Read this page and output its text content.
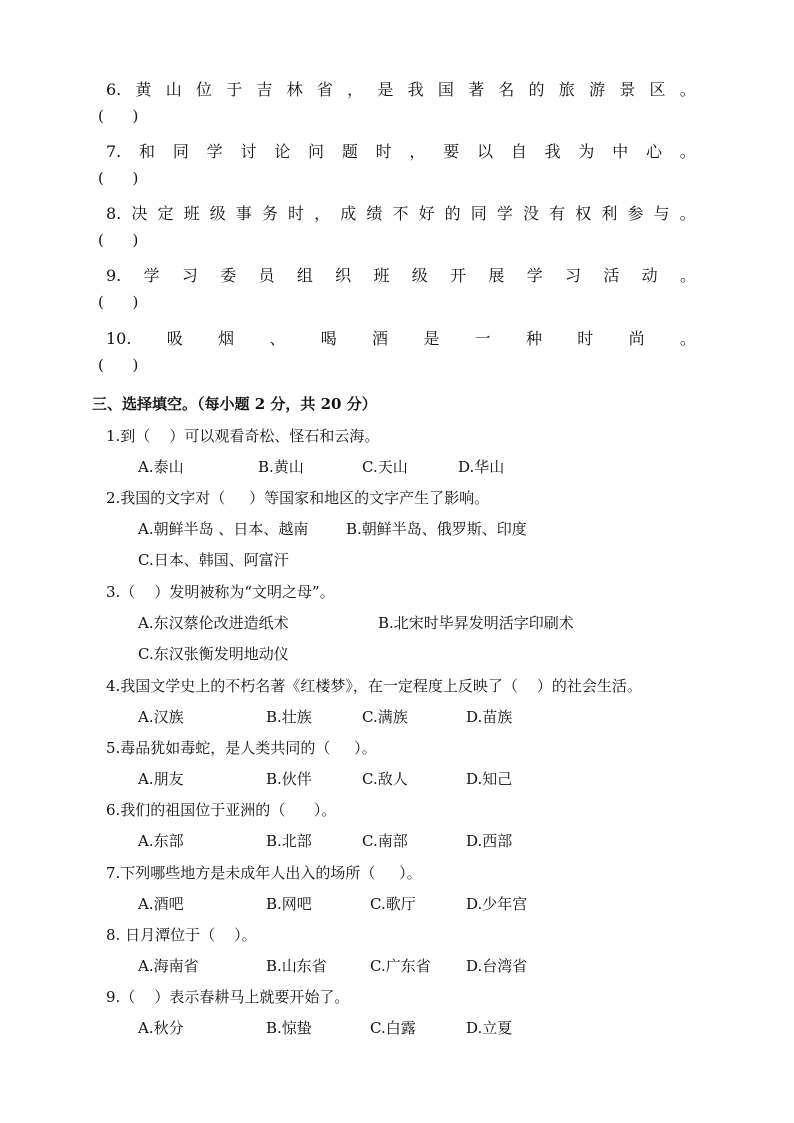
6. 黄 山 位 于 吉 林 省 ， 是 我 国 著 名 的 旅 游 景 区 。
(      )
7. 和 同 学 讨 论 问 题 时 ， 要 以 自 我 为 中 心 。
(      )
8. 决 定 班 级 事 务 时 ， 成 绩 不 好 的 同 学 没 有 权 利 参 与 。
(      )
9. 学 习 委 员 组 织 班 级 开 展 学 习 活 动 。
(      )
10. 吸 烟 、 喝 酒 是 一 种 时 尚 。
(      )
三、选择填空。（每小题 2 分，共 20 分）
1.到（    ）可以观看奇松、怪石和云海。
A.泰山	B.黄山	C.天山	D.华山
2.我国的文字对（     ）等国家和地区的文字产生了影响。
A.朝鲜半岛 、日本、越南	B.朝鲜半岛、俄罗斯、印度
C.日本、韩国、阿富汗
3.（    ）发明被称为“文明之母”。
A.东汉蔡伦改进造纸术	B.北宋时毕昇发明活字印刷术
C.东汉张衡发明地动仪
4.我国文学史上的不朽名著《红楼梦》，在一定程度上反映了（    ）的社会生活。
A.汉族	B.壮族	C.满族	D.苗族
5.毒品犹如毒蛇，是人类共同的（     ）。
A.朋友	B.伙伴	C.敌人	D.知己
6.我们的祖国位于亚洲的（      ）。
A.东部	B.北部	C.南部	D.西部
7.下列哪些地方是未成年人出入的场所（     ）。
A.酒吧	B.网吧	C.歌厅	D.少年宫
8. 日月潭位于（    ）。
A.海南省	B.山东省	C.广东省 D.台湾省
9.（    ）表示春耕马上就要开始了。
A.秋分	B.惊蛰	C.白露	D.立夏
